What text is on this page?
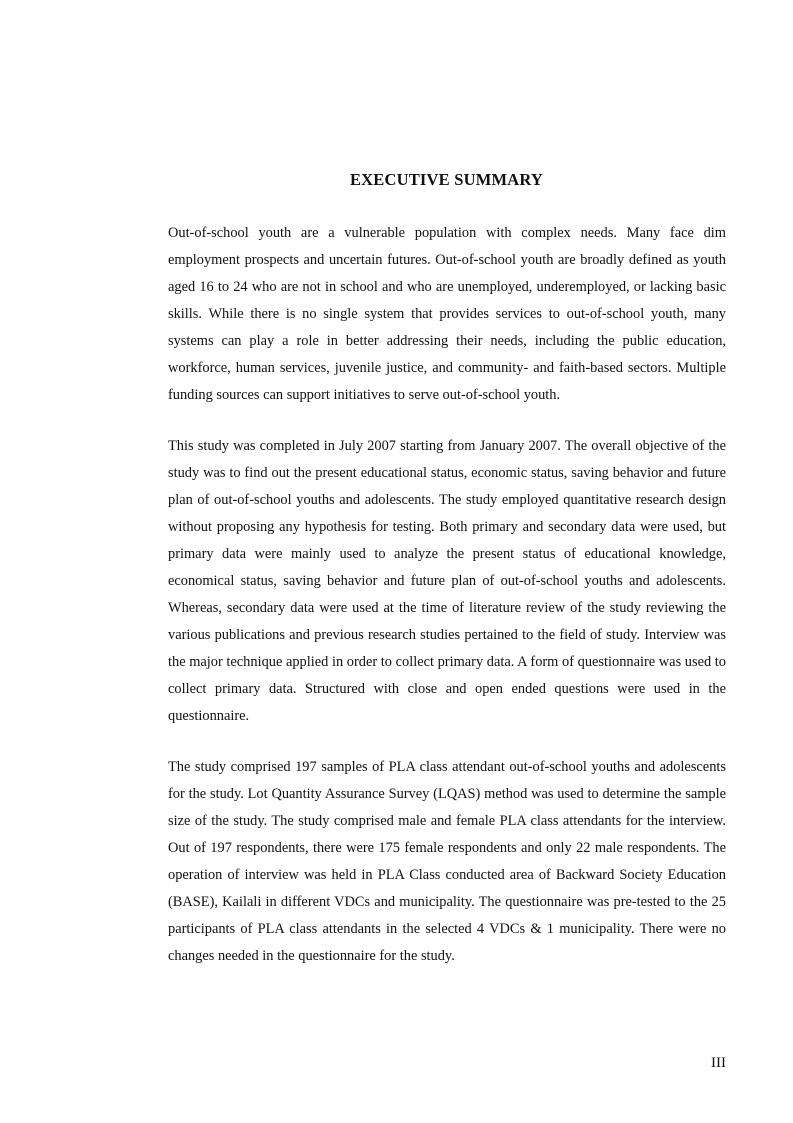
EXECUTIVE SUMMARY

Out-of-school youth are a vulnerable population with complex needs. Many face dim employment prospects and uncertain futures. Out-of-school youth are broadly defined as youth aged 16 to 24 who are not in school and who are unemployed, underemployed, or lacking basic skills. While there is no single system that provides services to out-of-school youth, many systems can play a role in better addressing their needs, including the public education, workforce, human services, juvenile justice, and community- and faith-based sectors. Multiple funding sources can support initiatives to serve out-of-school youth.

This study was completed in July 2007 starting from January 2007. The overall objective of the study was to find out the present educational status, economic status, saving behavior and future plan of out-of-school youths and adolescents. The study employed quantitative research design without proposing any hypothesis for testing. Both primary and secondary data were used, but primary data were mainly used to analyze the present status of educational knowledge, economical status, saving behavior and future plan of out-of-school youths and adolescents. Whereas, secondary data were used at the time of literature review of the study reviewing the various publications and previous research studies pertained to the field of study. Interview was the major technique applied in order to collect primary data. A form of questionnaire was used to collect primary data. Structured with close and open ended questions were used in the questionnaire.

The study comprised 197 samples of PLA class attendant out-of-school youths and adolescents for the study. Lot Quantity Assurance Survey (LQAS) method was used to determine the sample size of the study. The study comprised male and female PLA class attendants for the interview. Out of 197 respondents, there were 175 female respondents and only 22 male respondents. The operation of interview was held in PLA Class conducted area of Backward Society Education (BASE), Kailali in different VDCs and municipality. The questionnaire was pre-tested to the 25 participants of PLA class attendants in the selected 4 VDCs & 1 municipality. There were no changes needed in the questionnaire for the study.

III
